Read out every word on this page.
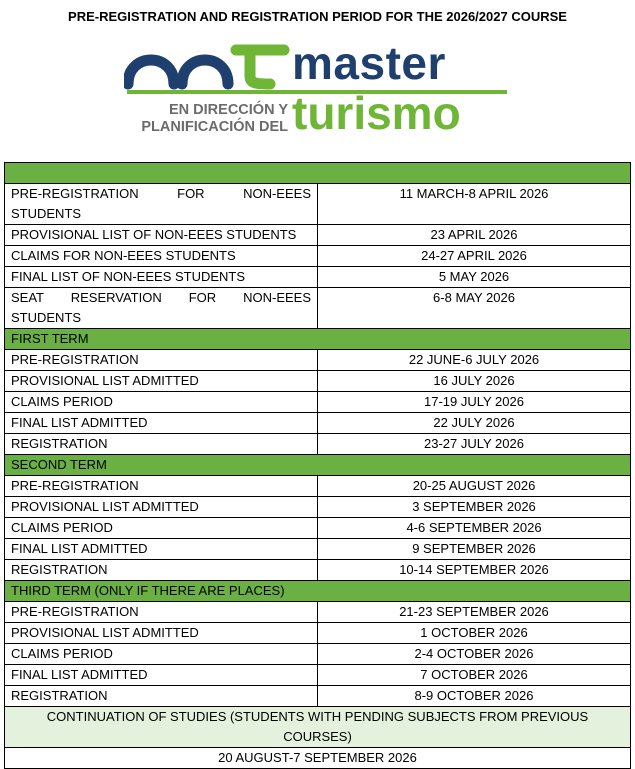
PRE-REGISTRATION AND REGISTRATION PERIOD FOR THE 2026/2027 COURSE
master
EN DIRECCIÓN Y
PLANIFICACIÓN DEL turismo

PRE-REGISTRATION FOR NON-EEES STUDENTS	11 MARCH-8 APRIL 2026
PROVISIONAL LIST OF NON-EEES STUDENTS	23 APRIL 2026
CLAIMS FOR NON-EEES STUDENTS	24-27 APRIL 2026
FINAL LIST OF NON-EEES STUDENTS	5 MAY 2026
SEAT RESERVATION FOR NON-EEES STUDENTS	6-8 MAY 2026
FIRST TERM	
PRE-REGISTRATION	22 JUNE-6 JULY 2026
PROVISIONAL LIST ADMITTED	16 JULY 2026
CLAIMS PERIOD	17-19 JULY 2026
FINAL LIST ADMITTED	22 JULY 2026
REGISTRATION	23-27 JULY 2026
SECOND TERM	
PRE-REGISTRATION	20-25 AUGUST 2026
PROVISIONAL LIST ADMITTED	3 SEPTEMBER 2026
CLAIMS PERIOD	4-6 SEPTEMBER 2026
FINAL LIST ADMITTED	9 SEPTEMBER 2026
REGISTRATION	10-14 SEPTEMBER 2026
THIRD TERM (ONLY IF THERE ARE PLACES)	
PRE-REGISTRATION	21-23 SEPTEMBER 2026
PROVISIONAL LIST ADMITTED	1 OCTOBER 2026
CLAIMS PERIOD	2-4 OCTOBER 2026
FINAL LIST ADMITTED	7 OCTOBER 2026
REGISTRATION	8-9 OCTOBER 2026
CONTINUATION OF STUDIES (STUDENTS WITH PENDING SUBJECTS FROM PREVIOUS COURSES)	
20 AUGUST-7 SEPTEMBER 2026	
